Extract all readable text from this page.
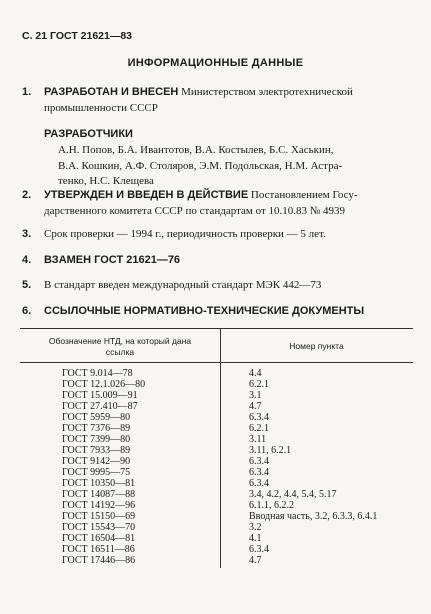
С. 21 ГОСТ 21621—83
ИНФОРМАЦИОННЫЕ ДАННЫЕ
1. РАЗРАБОТАН И ВНЕСЕН Министерством электротехнической
промышленности СССР
РАЗРАБОТЧИКИ
А.Н. Попов, Б.А. Ивантотов, В.А. Костылев, Б.С. Хаськин,
В.А. Кошкин, А.Ф. Столяров, Э.М. Подольская, Н.М. Астра-
тенко, Н.С. Клещева
2. УТВЕРЖДЕН И ВВЕДЕН В ДЕЙСТВИЕ Постановлением Госу-
дарственного комитета СССР по стандартам от 10.10.83 № 4939
3. Срок проверки — 1994 г., периодичность проверки — 5 лет.
4. ВЗАМЕН ГОСТ 21621—76
5. В стандарт введен международный стандарт МЭК 442—73
6. ССЫЛОЧНЫЕ НОРМАТИВНО-ТЕХНИЧЕСКИЕ ДОКУМЕНТЫ
Обозначение НТД, на который дана
ссылка
Номер пункта
ГОСТ 9.014—78	4.4
ГОСТ 12.1.026—80	6.2.1
ГОСТ 15.009—91	3.1
ГОСТ 27.410—87	4.7
ГОСТ 5959—80	6.3.4
ГОСТ 7376—89	6.2.1
ГОСТ 7399—80	3.11
ГОСТ 7933—89	3.11, 6.2.1
ГОСТ 9142—90	6.3.4
ГОСТ 9995—75	6.3.4
ГОСТ 10350—81	6.3.4
ГОСТ 14087—88	3.4, 4.2, 4.4, 5.4, 5.17
ГОСТ 14192—96	6.1.1, 6.2.2
ГОСТ 15150—69	Вводная часть, 3.2, 6.3.3, 6.4.1
ГОСТ 15543—70	3.2
ГОСТ 16504—81	4.1
ГОСТ 16511—86	6.3.4
ГОСТ 17446—86	4.7
